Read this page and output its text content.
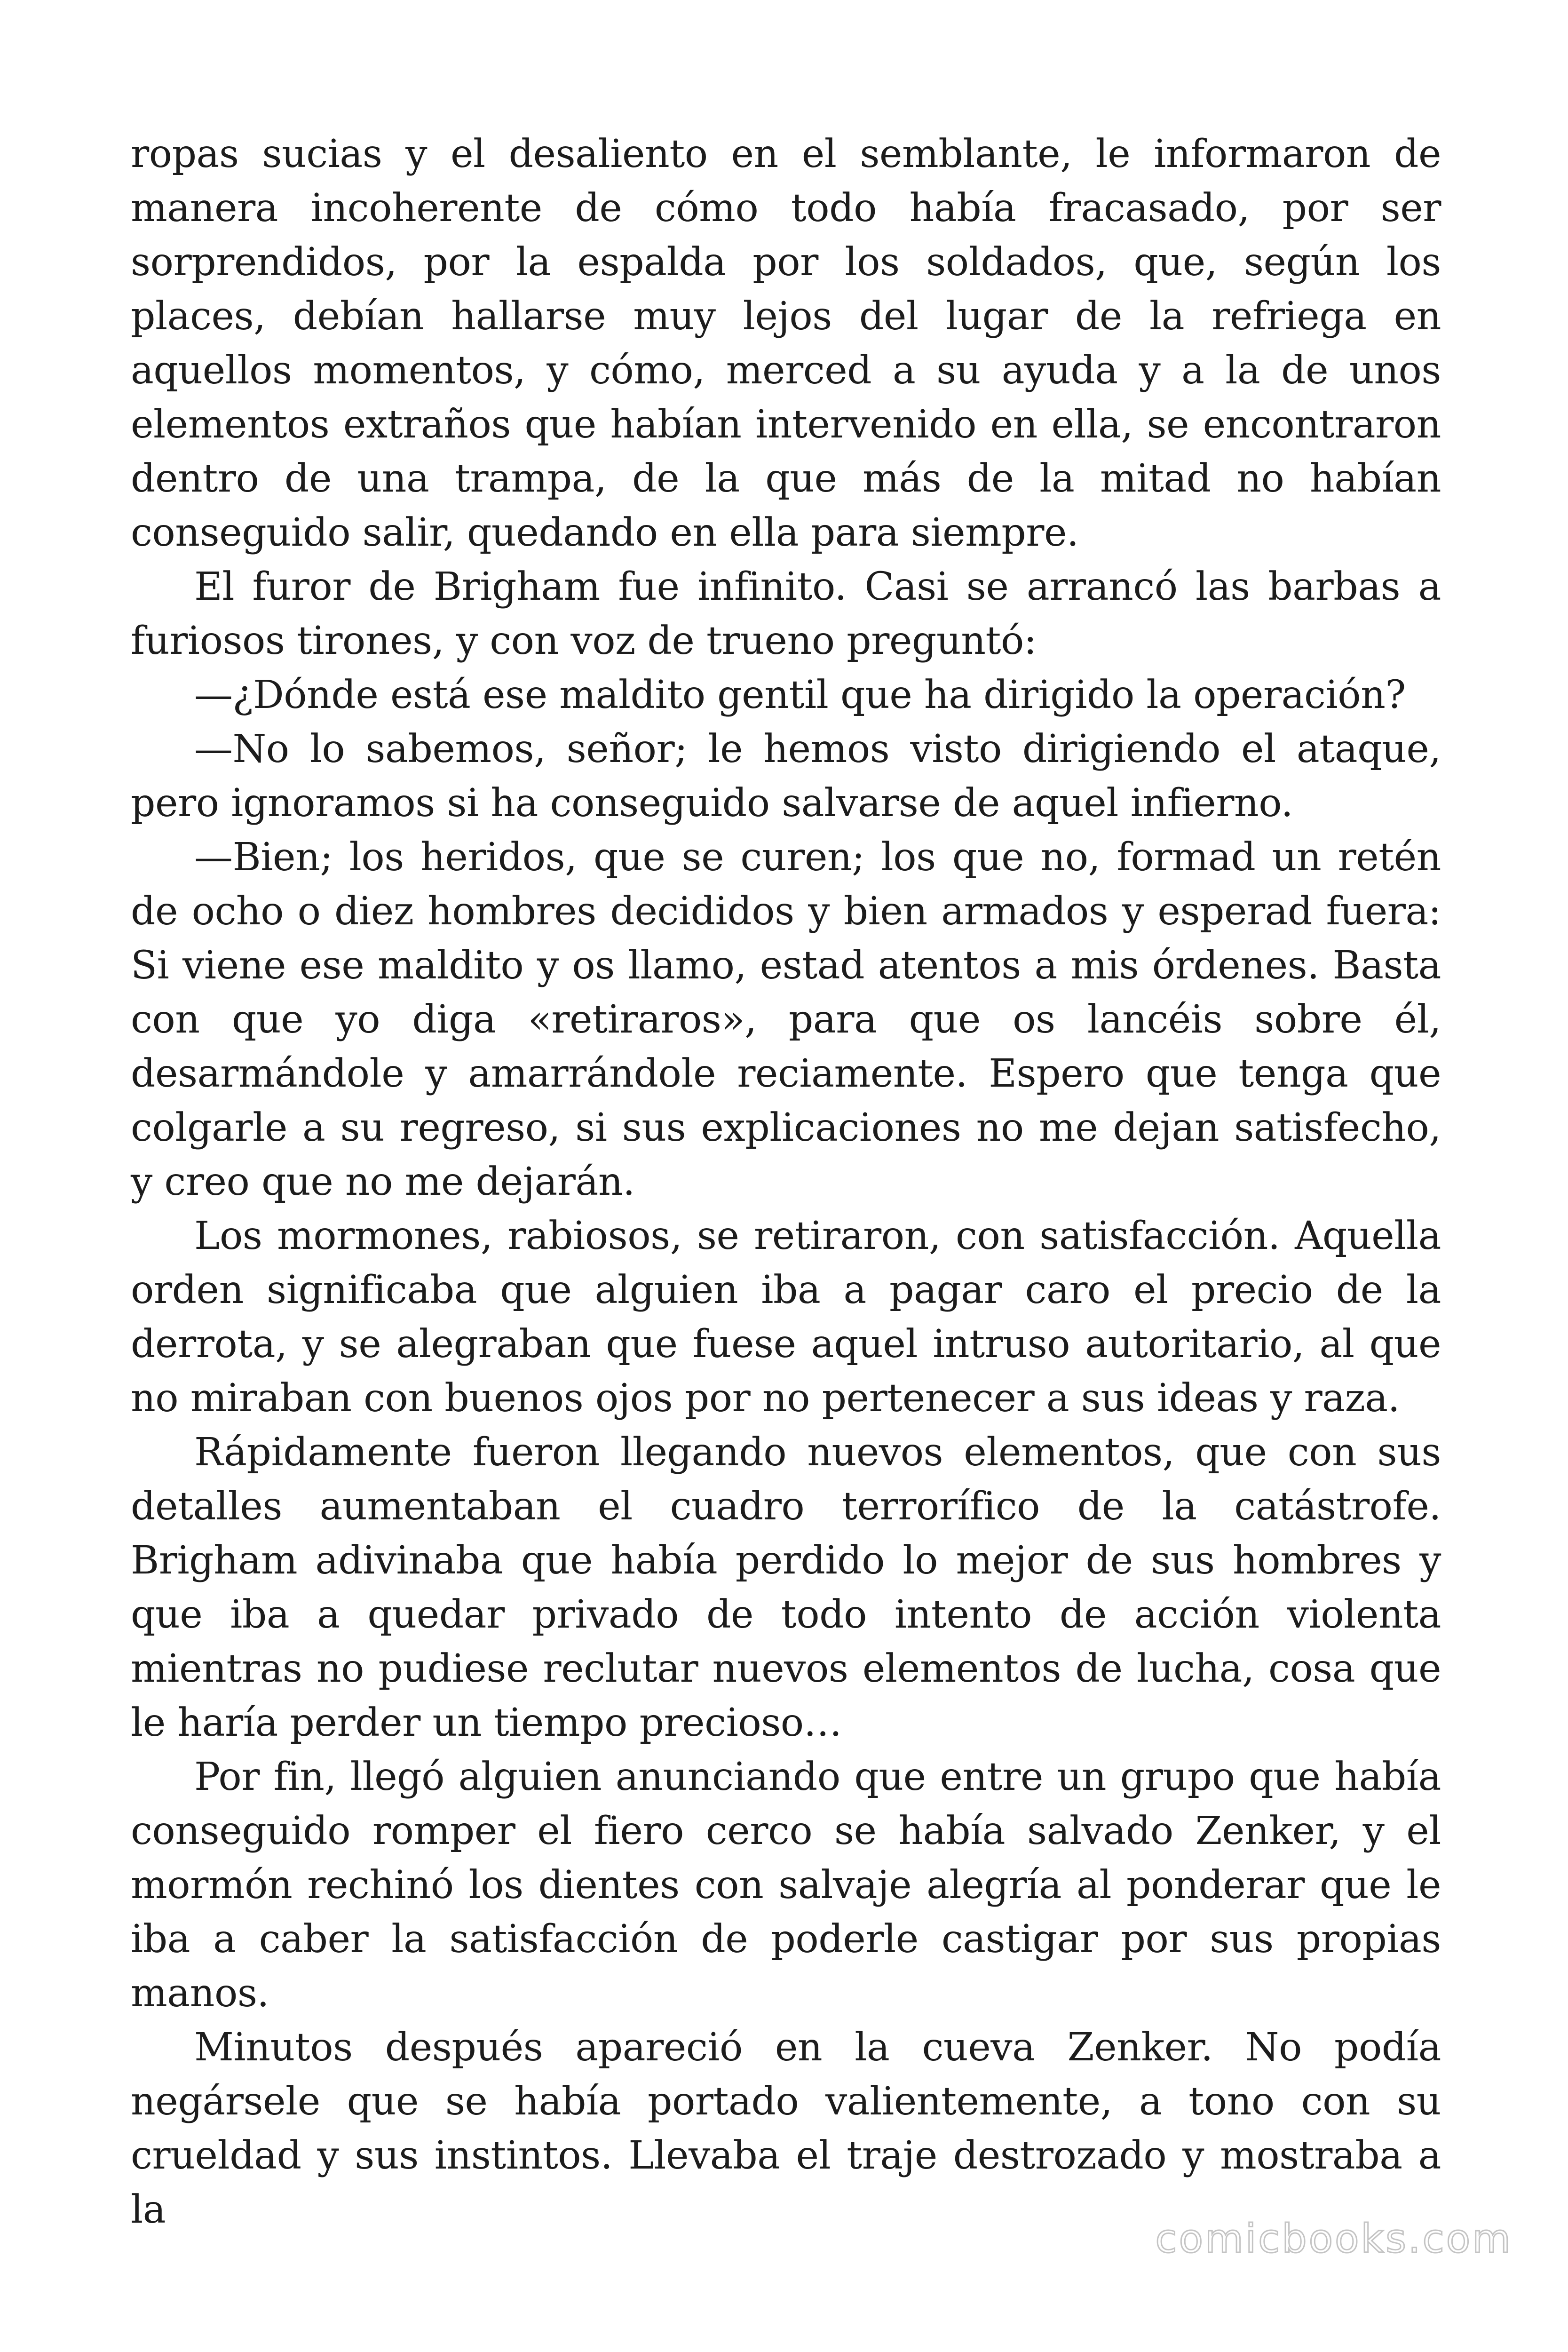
ropas sucias y el desaliento en el semblante, le informaron de manera incoherente de cómo todo había fracasado, por ser sorprendidos, por la espalda por los soldados, que, según los places, debían hallarse muy lejos del lugar de la refriega en aquellos momentos, y cómo, merced a su ayuda y a la de unos elementos extraños que habían intervenido en ella, se encontraron dentro de una trampa, de la que más de la mitad no habían conseguido salir, quedando en ella para siempre.

El furor de Brigham fue infinito. Casi se arrancó las barbas a furiosos tirones, y con voz de trueno preguntó:

—¿Dónde está ese maldito gentil que ha dirigido la operación?

—No lo sabemos, señor; le hemos visto dirigiendo el ataque, pero ignoramos si ha conseguido salvarse de aquel infierno.

—Bien; los heridos, que se curen; los que no, formad un retén de ocho o diez hombres decididos y bien armados y esperad fuera: Si viene ese maldito y os llamo, estad atentos a mis órdenes. Basta con que yo diga «retiraros», para que os lancéis sobre él, desarmándole y amarrándole reciamente. Espero que tenga que colgarle a su regreso, si sus explicaciones no me dejan satisfecho, y creo que no me dejarán.

Los mormones, rabiosos, se retiraron, con satisfacción. Aquella orden significaba que alguien iba a pagar caro el precio de la derrota, y se alegraban que fuese aquel intruso autoritario, al que no miraban con buenos ojos por no pertenecer a sus ideas y raza.

Rápidamente fueron llegando nuevos elementos, que con sus detalles aumentaban el cuadro terrorífico de la catástrofe. Brigham adivinaba que había perdido lo mejor de sus hombres y que iba a quedar privado de todo intento de acción violenta mientras no pudiese reclutar nuevos elementos de lucha, cosa que le haría perder un tiempo precioso…

Por fin, llegó alguien anunciando que entre un grupo que había conseguido romper el fiero cerco se había salvado Zenker, y el mormón rechinó los dientes con salvaje alegría al ponderar que le iba a caber la satisfacción de poderle castigar por sus propias manos.

Minutos después apareció en la cueva Zenker. No podía negársele que se había portado valientemente, a tono con su crueldad y sus instintos. Llevaba el traje destrozado y mostraba a la

comicbooks.com
